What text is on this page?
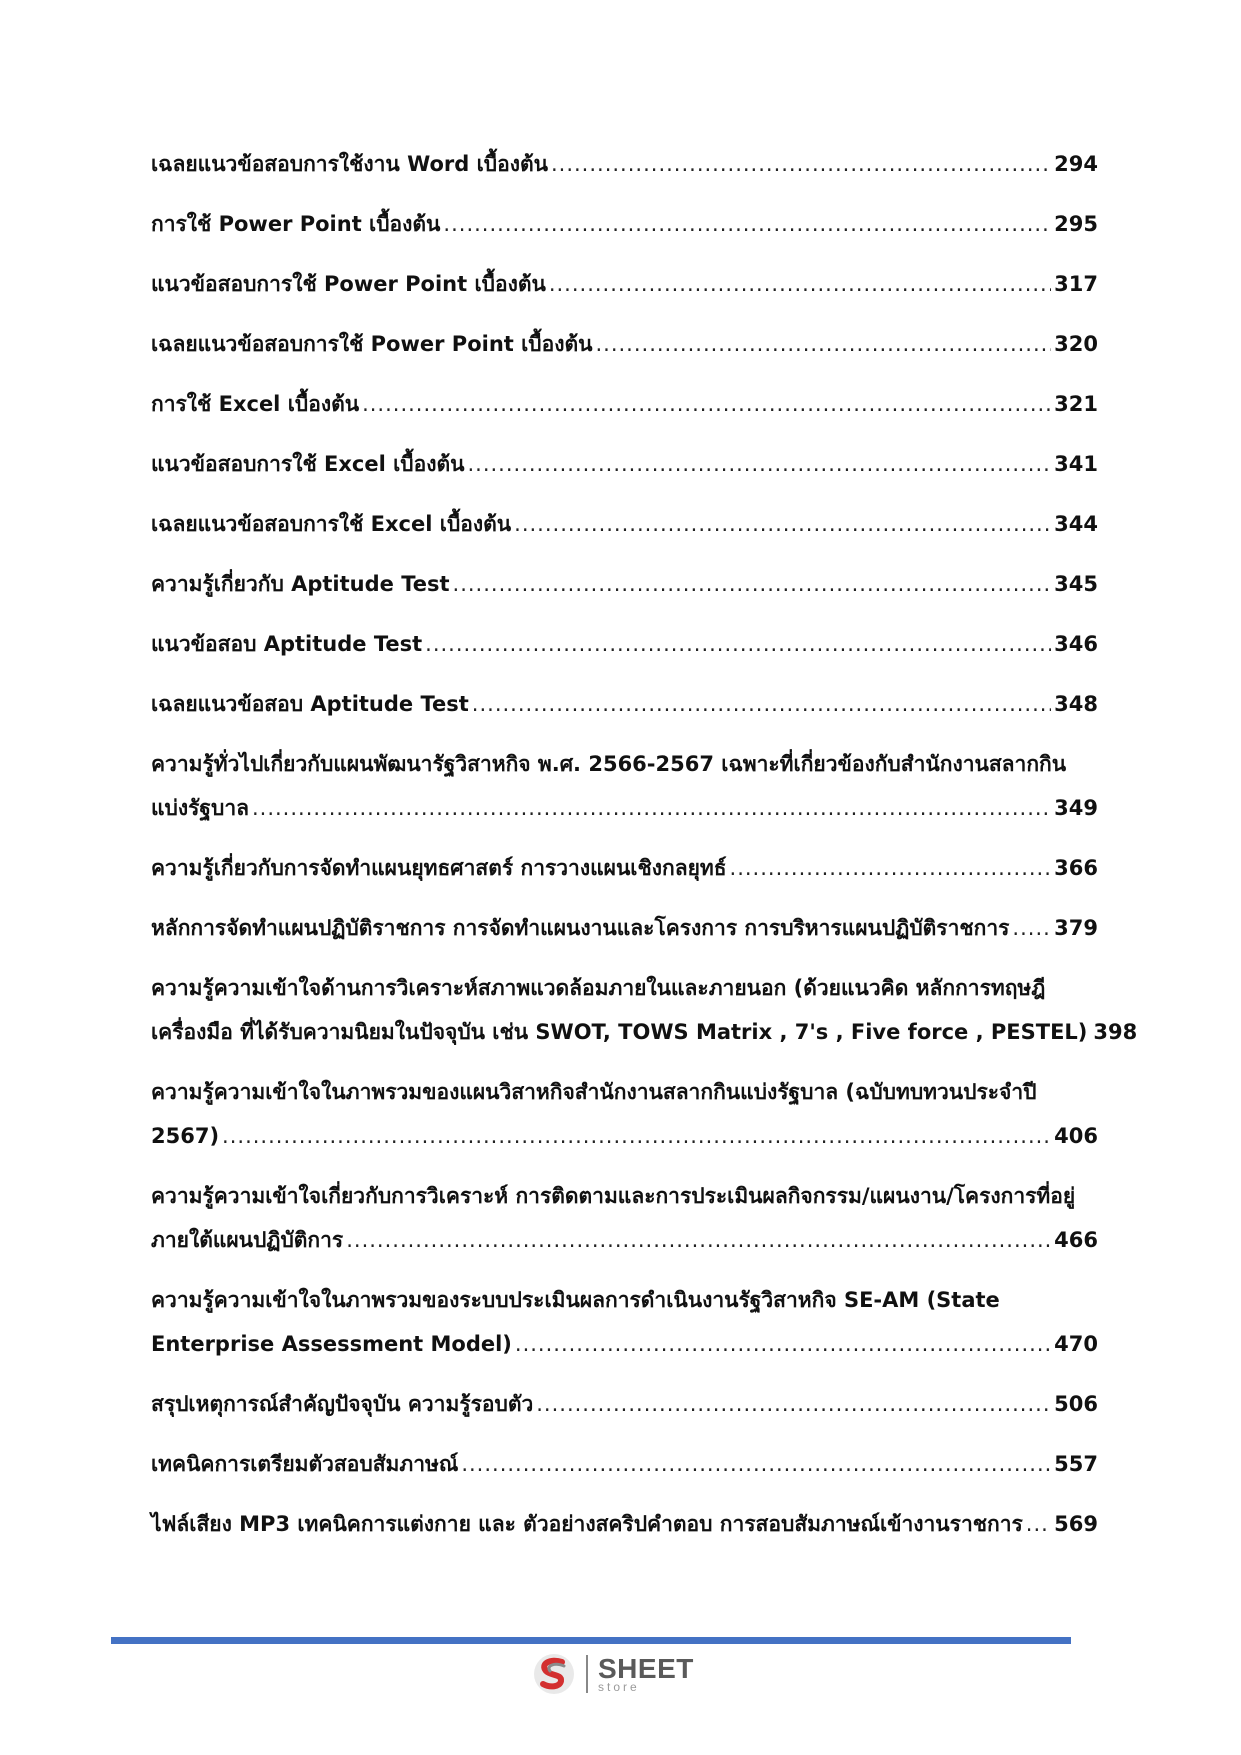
เฉลยแนวข้อสอบการใช้งาน Word เบื้องต้น .....	294
การใช้ Power Point เบื้องต้น .....	295
แนวข้อสอบการใช้ Power Point เบื้องต้น .....	317
เฉลยแนวข้อสอบการใช้ Power Point เบื้องต้น .....	320
การใช้ Excel เบื้องต้น .....	321
แนวข้อสอบการใช้ Excel เบื้องต้น .....	341
เฉลยแนวข้อสอบการใช้ Excel เบื้องต้น .....	344
ความรู้เกี่ยวกับ Aptitude Test .....	345
แนวข้อสอบ Aptitude Test .....	346
เฉลยแนวข้อสอบ Aptitude Test .....	348
ความรู้ทั่วไปเกี่ยวกับแผนพัฒนารัฐวิสาหกิจ พ.ศ. 2566-2567 เฉพาะที่เกี่ยวข้องกับสำนักงานสลากกิน
แบ่งรัฐบาล .....	349
ความรู้เกี่ยวกับการจัดทำแผนยุทธศาสตร์ การวางแผนเชิงกลยุทธ์ .....	366
หลักการจัดทำแผนปฏิบัติราชการ การจัดทำแผนงานและโครงการ การบริหารแผนปฏิบัติราชการ ..... 379
ความรู้ความเข้าใจด้านการวิเคราะห์สภาพแวดล้อมภายในและภายนอก (ด้วยแนวคิด หลักการทฤษฎี
เครื่องมือ ที่ได้รับความนิยมในปัจจุบัน เช่น SWOT, TOWS Matrix , 7's , Five force , PESTEL) 398
ความรู้ความเข้าใจในภาพรวมของแผนวิสาหกิจสำนักงานสลากกินแบ่งรัฐบาล (ฉบับทบทวนประจำปี
2567) .....	406
ความรู้ความเข้าใจเกี่ยวกับการวิเคราะห์ การติดตามและการประเมินผลกิจกรรม/แผนงาน/โครงการที่อยู่
ภายใต้แผนปฏิบัติการ .....	466
ความรู้ความเข้าใจในภาพรวมของระบบประเมินผลการดำเนินงานรัฐวิสาหกิจ SE-AM (State
Enterprise Assessment Model) .....	470
สรุปเหตุการณ์สำคัญปัจจุบัน ความรู้รอบตัว .....	506
เทคนิคการเตรียมตัวสอบสัมภาษณ์ .....	557
ไฟล์เสียง MP3 เทคนิคการแต่งกาย และ ตัวอย่างสคริปคำตอบ การสอบสัมภาษณ์เข้างานราชการ ..... 569
SHEET
store
